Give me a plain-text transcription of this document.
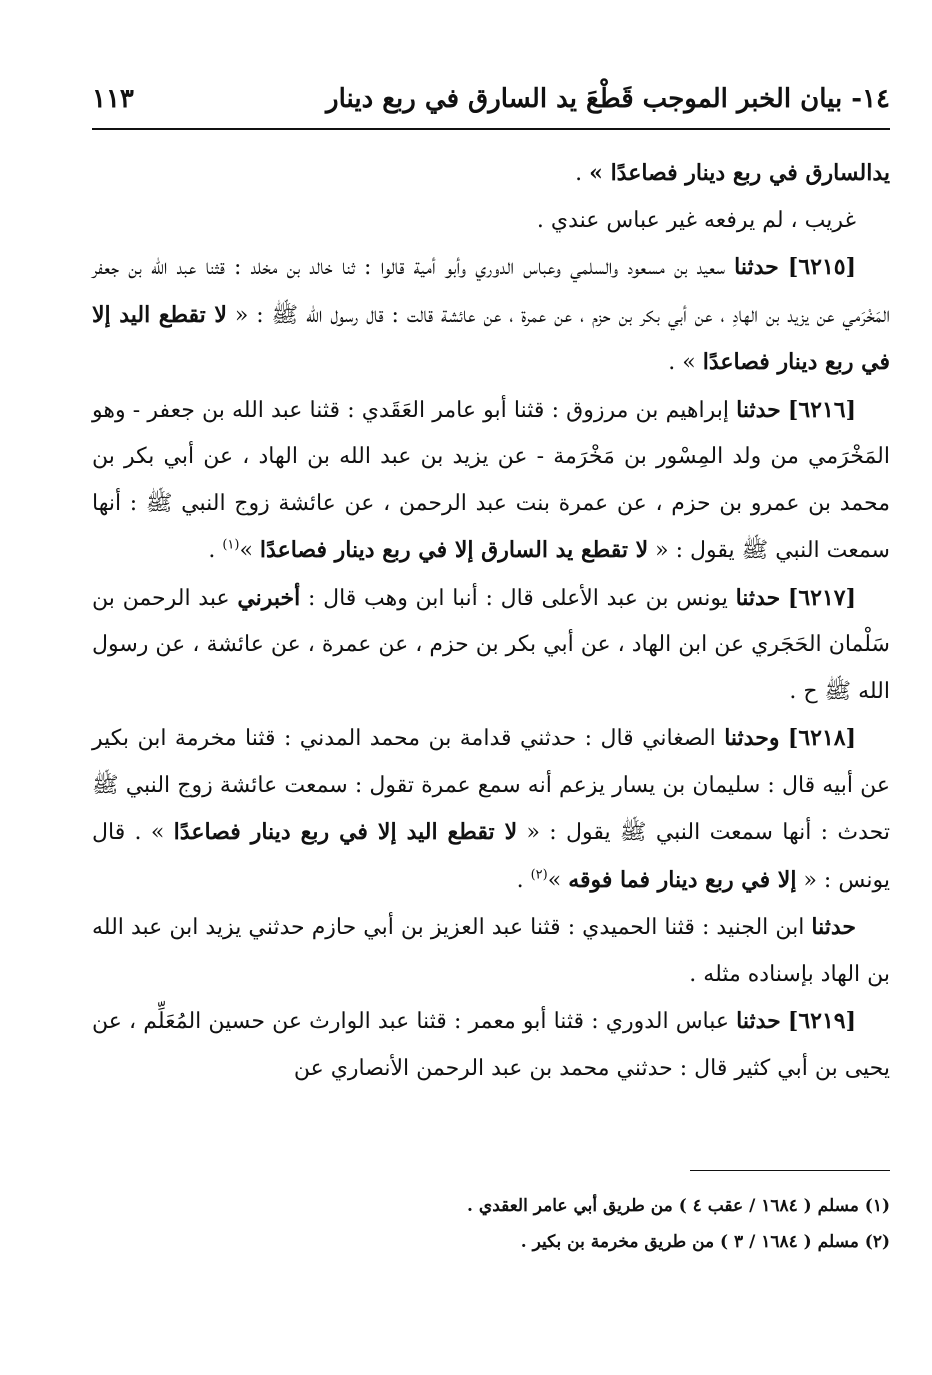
١٤- بيان الخبر الموجب قَطْعَ يد السارق في ربع دينار
١١٣

يدالسارق في ربع دينار فصاعدًا » .

غريب ، لم يرفعه غير عباس عندي .

[٦٢١٥] حدثنا سعيد بن مسعود والسلمي وعباس الدوري وأبو أمية قالوا : ثنا خالد بن مخلد : قثنا عبد الله بن جعفر المَخْرَمي عن يزيد بن الهادِ ، عن أبي بكر بن حزم ، عن عمرة ، عن عائشة قالت : قال رسول الله ﷺ : « لا تقطع اليد إلا في ربع دينار فصاعدًا » .

[٦٢١٦] حدثنا إبراهيم بن مرزوق : قثنا أبو عامر العَقَدي : قثنا عبد الله بن جعفر - وهو المَخْرَمي من ولد المِسْور بن مَخْرَمة - عن يزيد بن عبد الله بن الهاد ، عن أبي بكر بن محمد بن عمرو بن حزم ، عن عمرة بنت عبد الرحمن ، عن عائشة زوج النبي ﷺ : أنها سمعت النبي ﷺ يقول : « لا تقطع يد السارق إلا في ربع دينار فصاعدًا »$^{(١)}$ .

[٦٢١٧] حدثنا يونس بن عبد الأعلى قال : أنبا ابن وهب قال : أخبرني عبد الرحمن بن سَلْمان الحَجَري عن ابن الهاد ، عن أبي بكر بن حزم ، عن عمرة ، عن عائشة ، عن رسول الله ﷺ ح .

[٦٢١٨] وحدثنا الصغاني قال : حدثني قدامة بن محمد المدني : قثنا مخرمة ابن بكير عن أبيه قال : سليمان بن يسار يزعم أنه سمع عمرة تقول : سمعت عائشة زوج النبي ﷺ تحدث : أنها سمعت النبي ﷺ يقول : « لا تقطع اليد إلا في ربع دينار فصاعدًا » . قال يونس : « إلا في ربع دينار فما فوقه »$^{(٢)}$ .

حدثنا ابن الجنيد : قثنا الحميدي : قثنا عبد العزيز بن أبي حازم حدثني يزيد ابن عبد الله بن الهاد بإسناده مثله .

[٦٢١٩] حدثنا عباس الدوري : قثنا أبو معمر : قثنا عبد الوارث عن حسين المُعَلِّم ، عن يحيى بن أبي كثير قال : حدثني محمد بن عبد الرحمن الأنصاري عن

(١) مسلم ( ١٦٨٤ / عقب ٤ ) من طريق أبي عامر العقدي .

(٢) مسلم ( ١٦٨٤ / ٣ ) من طريق مخرمة بن بكير .
